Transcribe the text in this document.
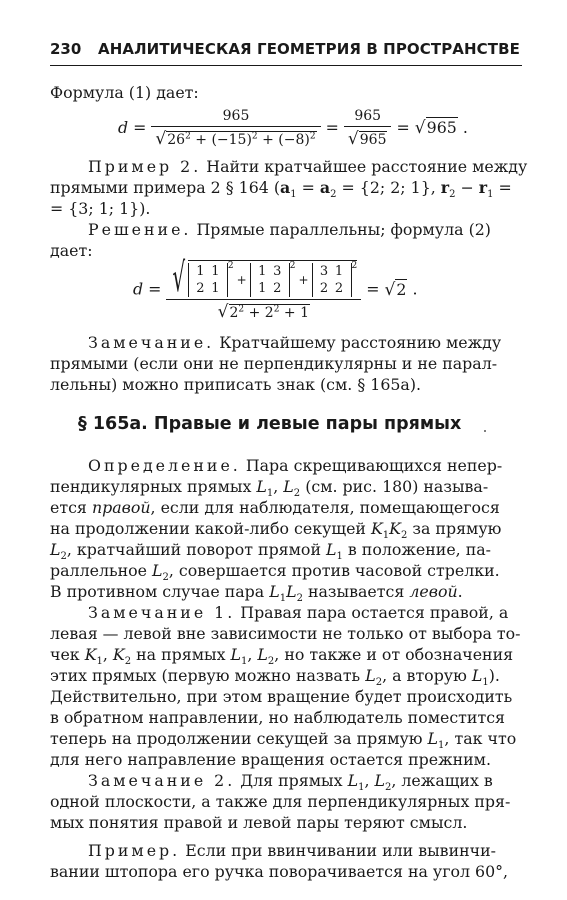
230 АНАЛИТИЧЕСКАЯ ГЕОМЕТРИЯ В ПРОСТРАНСТВЕ
Формула (1) дает:
$d = \frac{965}{√26^2 + (-15)^2 + (-8)^2} = \frac{965}{√965} = √965$ .
Пример 2. Найти кратчайшее расстояние между
прямыми примера 2 § 164 ($a_1 = a_2 = \{2$; 2; 1}, $r_2 - r_1$ =
= {3; 1; 1}).
Решение. Прямые параллельны; формула (2)
дает:
d = √ 1 1
2 1
$^2$+
1 3
1 2
$^2$+
3 1
2 2
$^2$
$√2^2 + 2^2 + 1$
= √2 .
Замечание. Кратчайшему расстоянию между
прямыми (если они не перпендикулярны и не парал-
лельны) можно приписать знак (см. § 165а).
§ 165а. Правые и левые пары прямых
Определение. Пара скрещивающихся непер-
пендикулярных прямых $L_1$, $L_2$ (см. рис. 180) называ-
ется правой, если для наблюдателя, помещающегося
на продолжении какой-либо секущей $K_1K_2$ за прямую
$L_2$, кратчайший поворот прямой $L_1$ в положение, па-
раллельное $L_2$, совершается против часовой стрелки.
В противном случае пара $L_1L_2$ называется левой.
Замечание 1. Правая пара остается правой, а
левая — левой вне зависимости не только от выбора то-
чек $K_1$, $K_2$ на прямых $L_1$, $L_2$, но также и от обозначения
этих прямых (первую можно назвать $L_2$, а вторую $L_1$).
Действительно, при этом вращение будет происходить
в обратном направлении, но наблюдатель поместится
теперь на продолжении секущей за прямую $L_1$, так что
для него направление вращения остается прежним.
Замечание 2. Для прямых $L_1$, $L_2$, лежащих в
одной плоскости, а также для перпендикулярных пря-
мых понятия правой и левой пары теряют смысл.
Пример. Если при ввинчивании или вывинчи-
вании штопора его ручка поворачивается на угол 60°,
